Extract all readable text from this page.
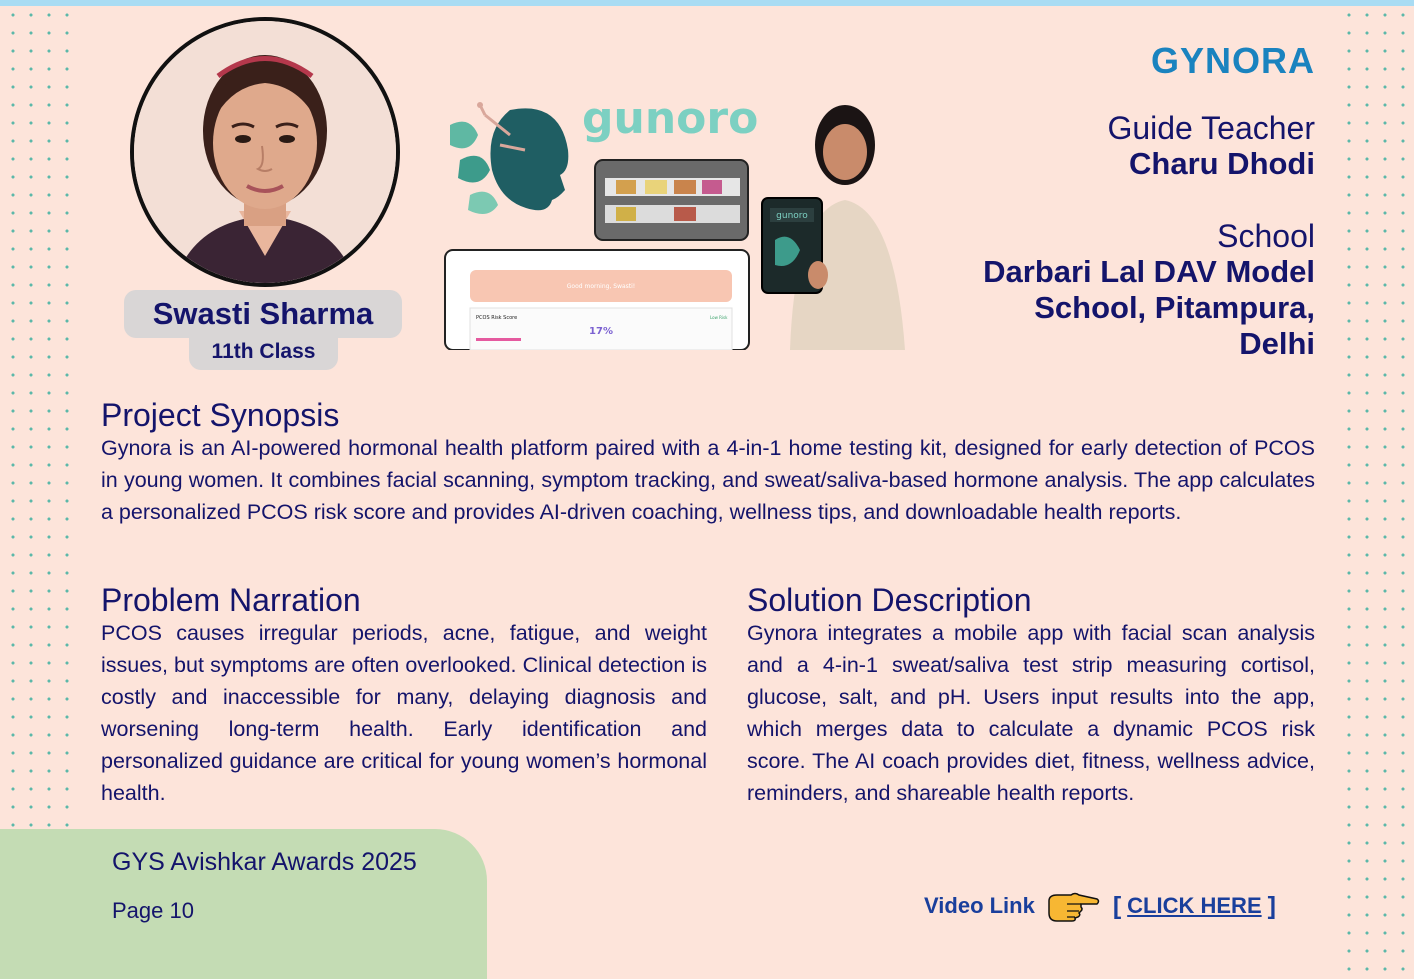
Swasti Sharma
11th Class
gunoro
Good morning, Swasti!
PCOS Risk Score	Low Risk
17%
gunoro

GYNORA

Guide Teacher

Charu Dhodi

School

Darbari Lal DAV Model

School, Pitampura,

Delhi

Project Synopsis

Gynora is an AI-powered hormonal health platform paired with a 4-in-1 home testing kit, designed for early detection of PCOS in young women. It combines facial scanning, symptom tracking, and sweat/saliva-based hormone analysis. The app calculates a personalized PCOS risk score and provides AI-driven coaching, wellness tips, and downloadable health reports.

Problem Narration

PCOS causes irregular periods, acne, fatigue, and weight issues, but symptoms are often overlooked. Clinical detection is costly and inaccessible for many, delaying diagnosis and worsening long-term health. Early identification and personalized guidance are critical for young women’s hormonal health.

Solution Description

Gynora integrates a mobile app with facial scan analysis and a 4-in-1 sweat/saliva test strip measuring cortisol, glucose, salt, and pH. Users input results into the app, which merges data to calculate a dynamic PCOS risk score. The AI coach provides diet, fitness, wellness advice, reminders, and shareable health reports.

GYS Avishkar Awards 2025
Page 10	Video Link	[ CLICK HERE ]
